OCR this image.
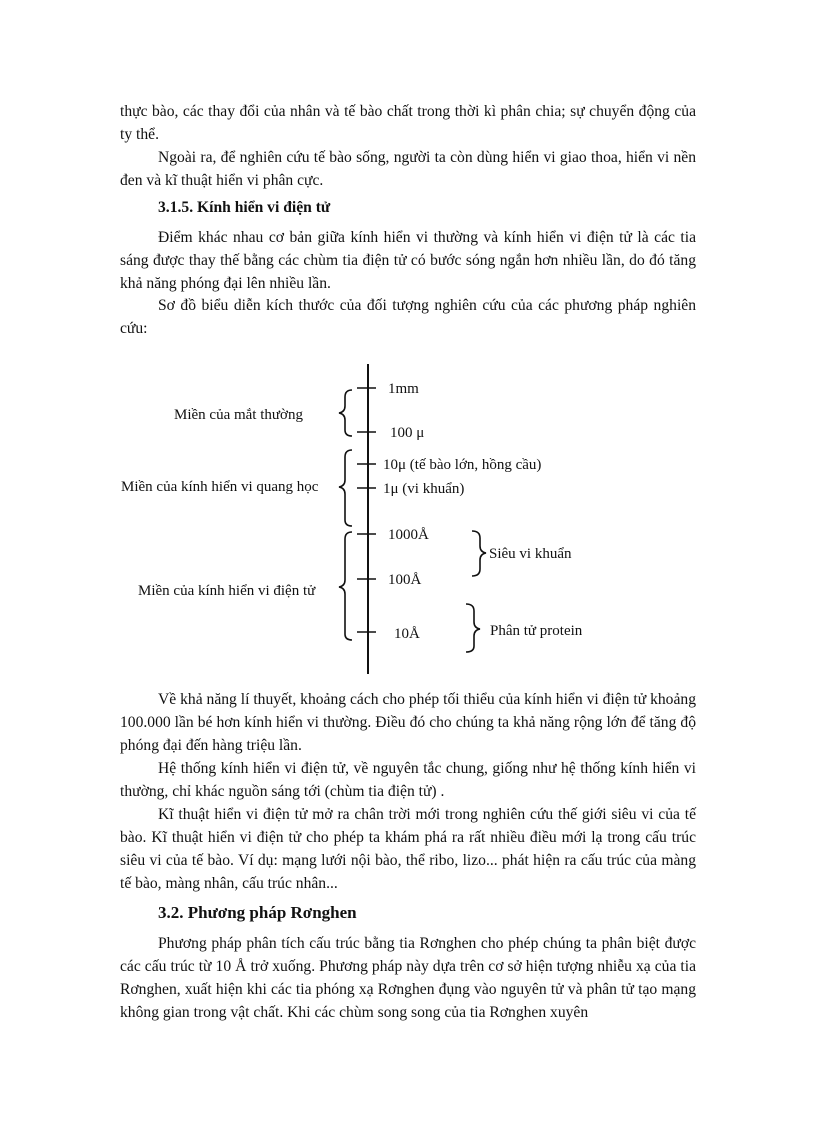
thực bào, các thay đổi của nhân và tế bào chất trong thời kì phân chia; sự chuyển động của ty thể.

Ngoài ra, để nghiên cứu tế bào sống, người ta còn dùng hiển vi giao thoa, hiển vi nền đen và kĩ thuật hiển vi phân cực.

3.1.5. Kính hiển vi điện tử

Điểm khác nhau cơ bản giữa kính hiển vi thường và kính hiển vi điện tử là các tia sáng được thay thế bằng các chùm tia điện tử có bước sóng ngắn hơn nhiều lần, do đó tăng khả năng phóng đại lên nhiều lần.

Sơ đồ biểu diễn kích thước của đối tượng nghiên cứu của các phương pháp nghiên cứu:

1mm
100 μ
10μ (tế bào lớn, hồng cầu)
1μ (vi khuẩn)
1000Å
100Å
10Å
Miền của mắt thường
Miền của kính hiển vi quang học
Miền của kính hiển vi điện tử
Siêu vi khuẩn
Phân tử protein

Về khả năng lí thuyết, khoảng cách cho phép tối thiểu của kính hiển vi điện tử khoảng 100.000 lần bé hơn kính hiển vi thường. Điều đó cho chúng ta khả năng rộng lớn để tăng độ phóng đại đến hàng triệu lần.

Hệ thống kính hiển vi điện tử, về nguyên tắc chung, giống như hệ thống kính hiển vi thường, chỉ khác nguồn sáng tới (chùm tia điện tử) .

Kĩ thuật hiển vi điện tử mở ra chân trời mới trong nghiên cứu thế giới siêu vi của tế bào. Kĩ thuật hiển vi điện tử cho phép ta khám phá ra rất nhiều điều mới lạ trong cấu trúc siêu vi của tế bào. Ví dụ: mạng lưới nội bào, thể ribo, lizo... phát hiện ra cấu trúc của màng tế bào, màng nhân, cấu trúc nhân...

3.2. Phương pháp Rơnghen

Phương pháp phân tích cấu trúc bằng tia Rơnghen cho phép chúng ta phân biệt được các cấu trúc từ 10 Å trở xuống. Phương pháp này dựa trên cơ sở hiện tượng nhiễu xạ của tia Rơnghen, xuất hiện khi các tia phóng xạ Rơnghen đụng vào nguyên tử và phân tử tạo mạng không gian trong vật chất. Khi các chùm song song của tia Rơnghen xuyên
